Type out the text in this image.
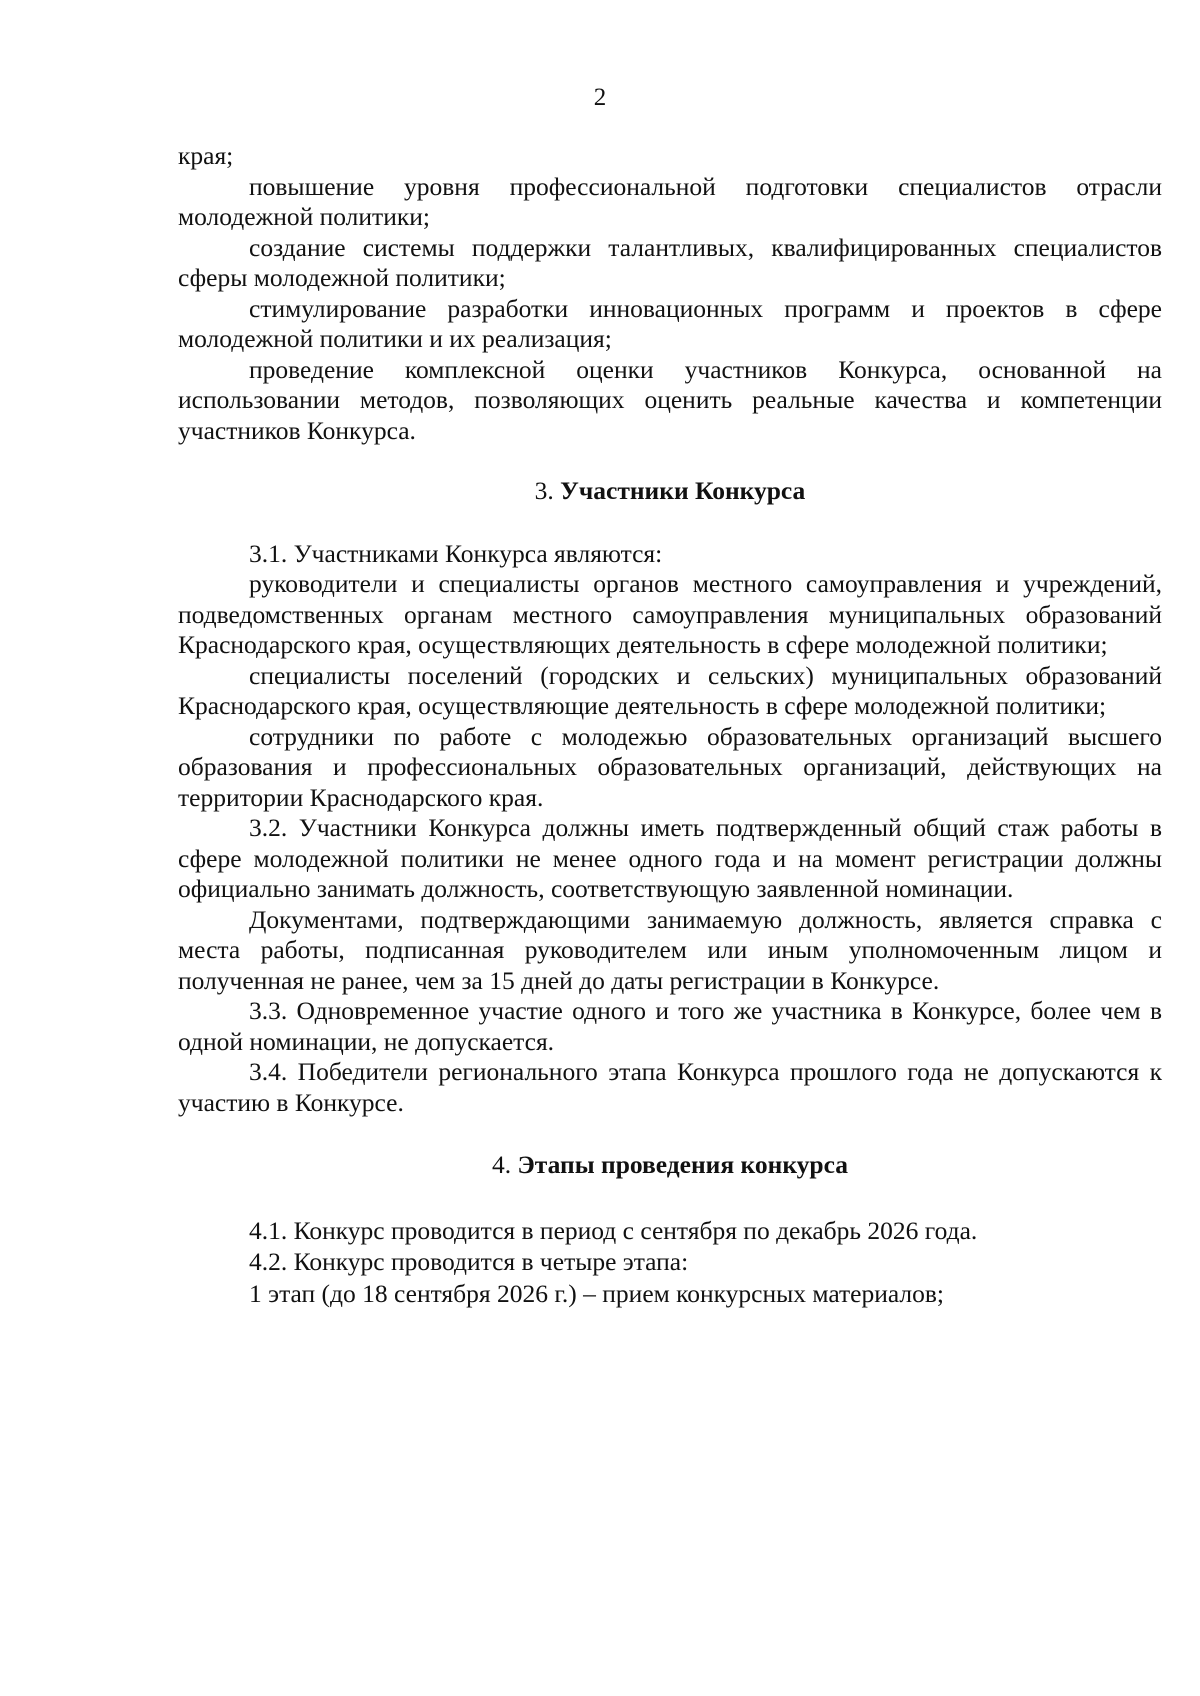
2

края;

повышение уровня профессиональной подготовки специалистов отрасли молодежной политики;

создание системы поддержки талантливых, квалифицированных специалистов сферы молодежной политики;

стимулирование разработки инновационных программ и проектов в сфере молодежной политики и их реализация;

проведение комплексной оценки участников Конкурса, основанной на использовании методов, позволяющих оценить реальные качества и компетенции участников Конкурса.

3. Участники Конкурса

3.1. Участниками Конкурса являются:

руководители и специалисты органов местного самоуправления и учреждений, подведомственных органам местного самоуправления муниципальных образований Краснодарского края, осуществляющих деятельность в сфере молодежной политики;

специалисты поселений (городских и сельских) муниципальных образований Краснодарского края, осуществляющие деятельность в сфере молодежной политики;

сотрудники по работе с молодежью образовательных организаций высшего образования и профессиональных образовательных организаций, действующих на территории Краснодарского края.

3.2. Участники Конкурса должны иметь подтвержденный общий стаж работы в сфере молодежной политики не менее одного года и на момент регистрации должны официально занимать должность, соответствующую заявленной номинации.

Документами, подтверждающими занимаемую должность, является справка с места работы, подписанная руководителем или иным уполномоченным лицом и полученная не ранее, чем за 15 дней до даты регистрации в Конкурсе.

3.3. Одновременное участие одного и того же участника в Конкурсе, более чем в одной номинации, не допускается.

3.4. Победители регионального этапа Конкурса прошлого года не допускаются к участию в Конкурсе.

4. Этапы проведения конкурса

4.1. Конкурс проводится в период с сентября по декабрь 2026 года.

4.2. Конкурс проводится в четыре этапа:

1 этап (до 18 сентября 2026 г.) – прием конкурсных материалов;
